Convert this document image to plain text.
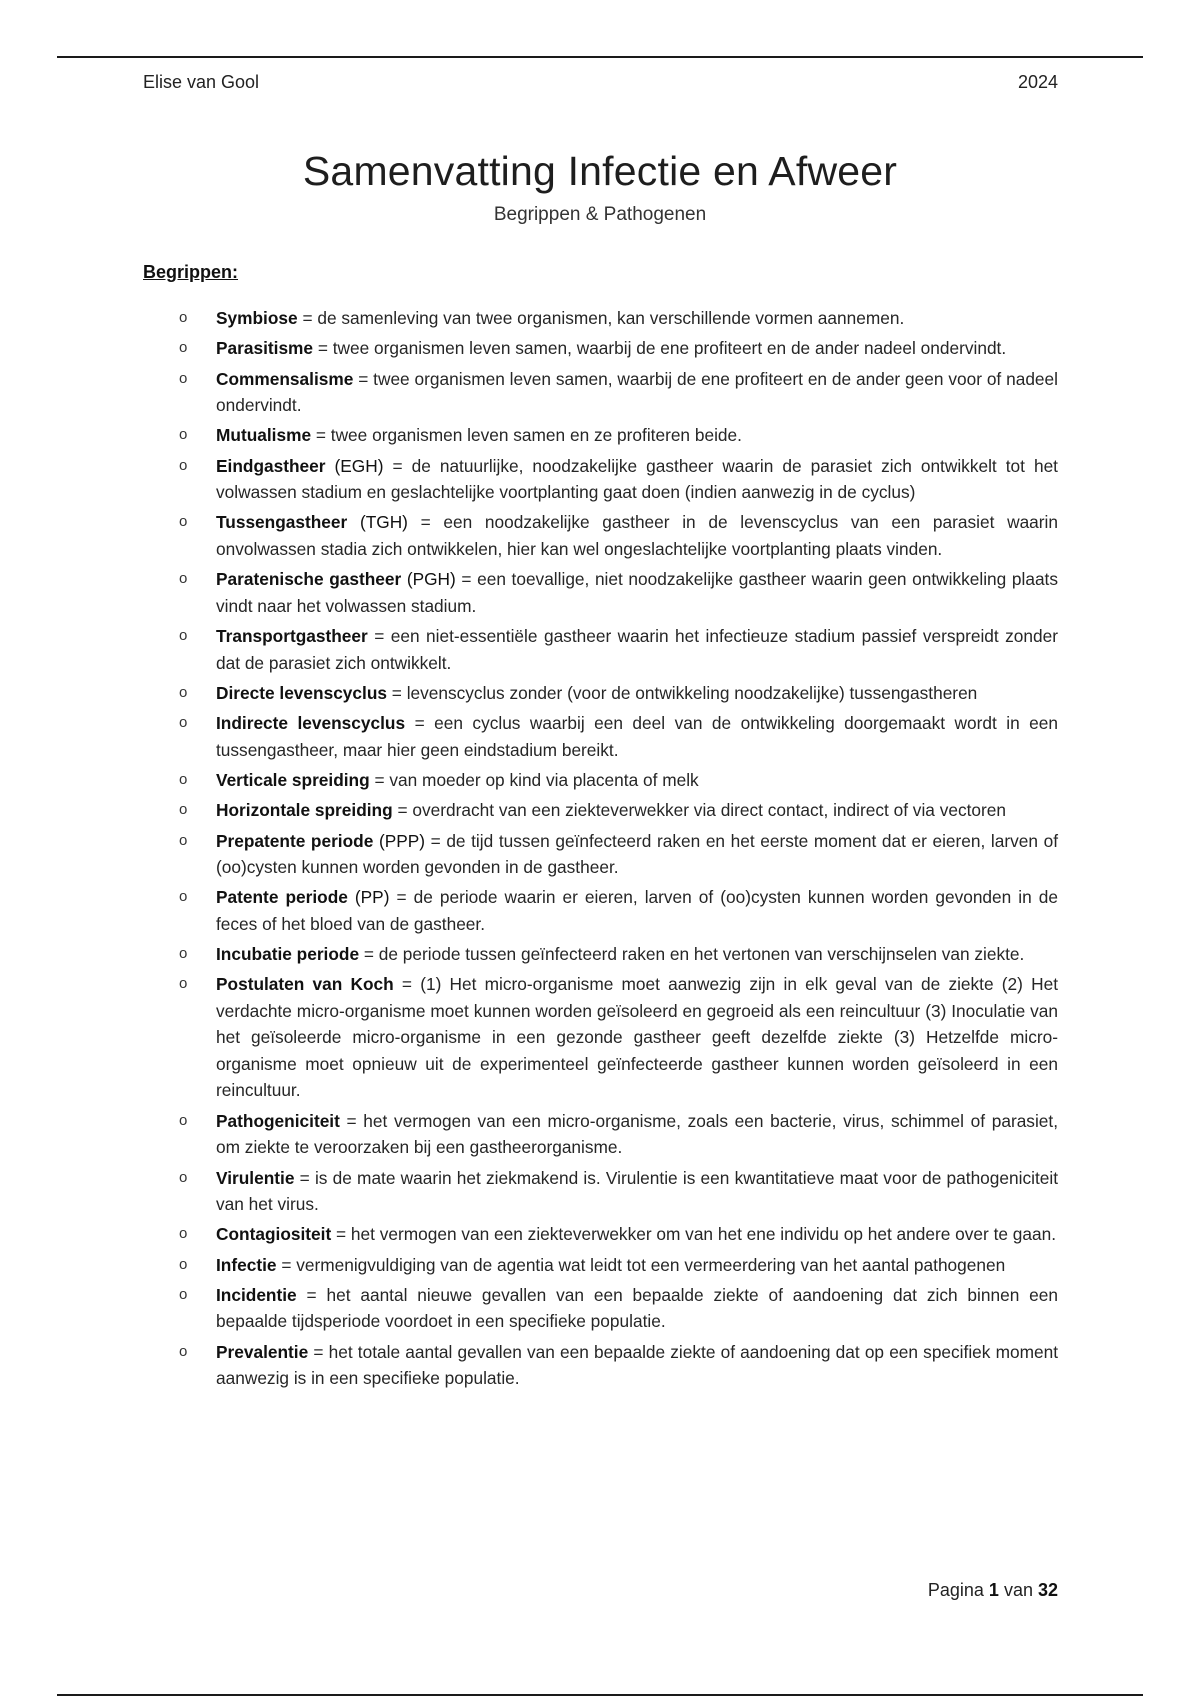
Elise van Gool	2024
Samenvatting Infectie en Afweer
Begrippen & Pathogenen
Begrippen:
o Symbiose = de samenleving van twee organismen, kan verschillende vormen aannemen.
o Parasitisme = twee organismen leven samen, waarbij de ene profiteert en de ander nadeel ondervindt.
o Commensalisme = twee organismen leven samen, waarbij de ene profiteert en de ander geen voor of nadeel ondervindt.
o Mutualisme = twee organismen leven samen en ze profiteren beide.
o Eindgastheer (EGH) = de natuurlijke, noodzakelijke gastheer waarin de parasiet zich ontwikkelt tot het volwassen stadium en geslachtelijke voortplanting gaat doen (indien aanwezig in de cyclus)
o Tussengastheer (TGH) = een noodzakelijke gastheer in de levenscyclus van een parasiet waarin onvolwassen stadia zich ontwikkelen, hier kan wel ongeslachtelijke voortplanting plaats vinden.
o Paratenische gastheer (PGH) = een toevallige, niet noodzakelijke gastheer waarin geen ontwikkeling plaats vindt naar het volwassen stadium.
o Transportgastheer = een niet-essentiële gastheer waarin het infectieuze stadium passief verspreidt zonder dat de parasiet zich ontwikkelt.
o Directe levenscyclus = levenscyclus zonder (voor de ontwikkeling noodzakelijke) tussengastheren
o Indirecte levenscyclus = een cyclus waarbij een deel van de ontwikkeling doorgemaakt wordt in een tussengastheer, maar hier geen eindstadium bereikt.
o Verticale spreiding = van moeder op kind via placenta of melk
o Horizontale spreiding = overdracht van een ziekteverwekker via direct contact, indirect of via vectoren
o Prepatente periode (PPP) = de tijd tussen geïnfecteerd raken en het eerste moment dat er eieren, larven of (oo)cysten kunnen worden gevonden in de gastheer.
o Patente periode (PP) = de periode waarin er eieren, larven of (oo)cysten kunnen worden gevonden in de feces of het bloed van de gastheer.
o Incubatie periode = de periode tussen geïnfecteerd raken en het vertonen van verschijnselen van ziekte.
o Postulaten van Koch = (1) Het micro-organisme moet aanwezig zijn in elk geval van de ziekte (2) Het verdachte micro-organisme moet kunnen worden geïsoleerd en gegroeid als een reincultuur (3) Inoculatie van het geïsoleerde micro-organisme in een gezonde gastheer geeft dezelfde ziekte (3) Hetzelfde micro-organisme moet opnieuw uit de experimenteel geïnfecteerde gastheer kunnen worden geïsoleerd in een reincultuur.
o Pathogeniciteit = het vermogen van een micro-organisme, zoals een bacterie, virus, schimmel of parasiet, om ziekte te veroorzaken bij een gastheerorganisme.
o Virulentie = is de mate waarin het ziekmakend is. Virulentie is een kwantitatieve maat voor de pathogeniciteit van het virus.
o Contagiositeit = het vermogen van een ziekteverwekker om van het ene individu op het andere over te gaan.
o Infectie = vermenigvuldiging van de agentia wat leidt tot een vermeerdering van het aantal pathogenen
o Incidentie = het aantal nieuwe gevallen van een bepaalde ziekte of aandoening dat zich binnen een bepaalde tijdsperiode voordoet in een specifieke populatie.
o Prevalentie = het totale aantal gevallen van een bepaalde ziekte of aandoening dat op een specifiek moment aanwezig is in een specifieke populatie.
Pagina 1 van 32
